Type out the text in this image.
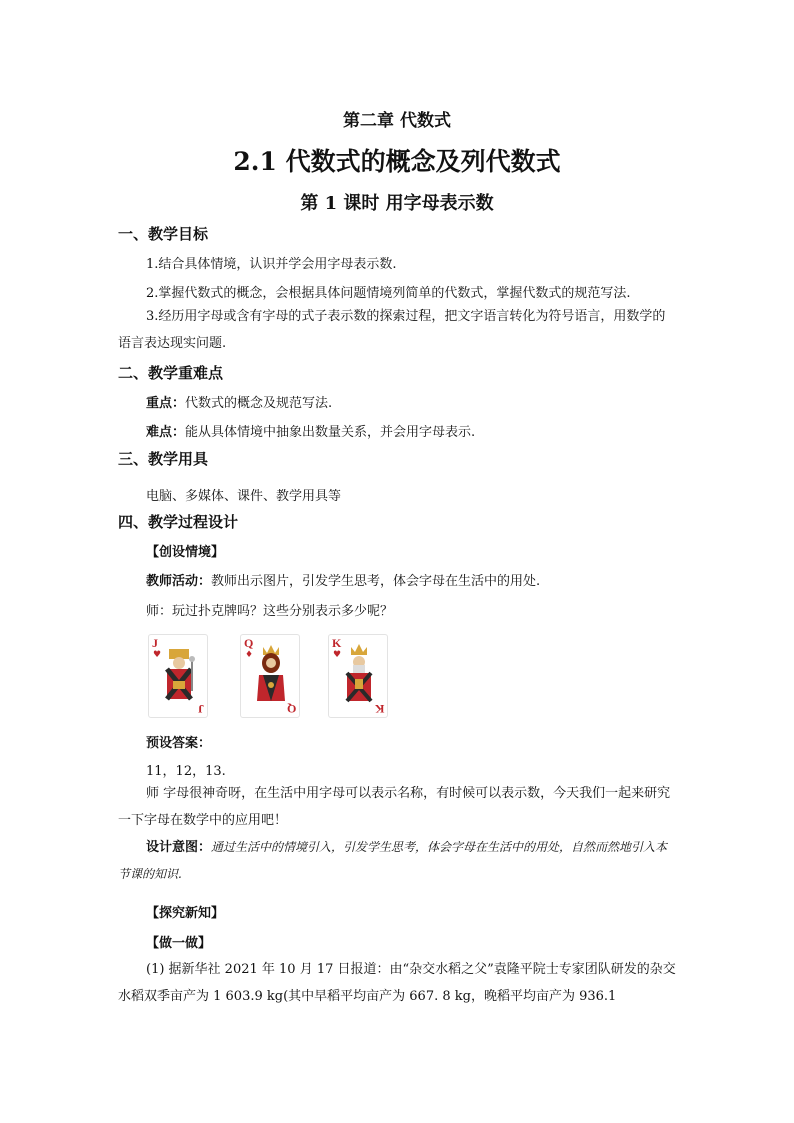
第二章 代数式
2.1 代数式的概念及列代数式
第 1 课时 用字母表示数
一、教学目标
1.结合具体情境，认识并学会用字母表示数.
2.掌握代数式的概念，会根据具体问题情境列简单的代数式，掌握代数式的规范写法.
3.经历用字母或含有字母的式子表示数的探索过程，把文字语言转化为符号语言，用数学的语言表达现实问题.
二、教学重难点
重点：代数式的概念及规范写法.
难点：能从具体情境中抽象出数量关系，并会用字母表示.
三、教学用具
电脑、多媒体、课件、教学用具等
四、教学过程设计
【创设情境】
教师活动：教师出示图片，引发学生思考，体会字母在生活中的用处.
师：玩过扑克牌吗？这些分别表示多少呢？
J
♥
J
Q
♦
Q
K
♥
K
预设答案：
11，12，13.
师 字母很神奇呀，在生活中用字母可以表示名称，有时候可以表示数，今天我们一起来研究一下字母在数学中的应用吧！
设计意图：通过生活中的情境引入，引发学生思考，体会字母在生活中的用处，自然而然地引入本节课的知识.
【探究新知】
【做一做】
(1) 据新华社 2021 年 10 月 17 日报道：由“杂交水稻之父”袁隆平院士专家团队研发的杂交水稻双季亩产为 1 603.9 kg(其中早稻平均亩产为 667. 8 kg，晚稻平均亩产为 936.1
